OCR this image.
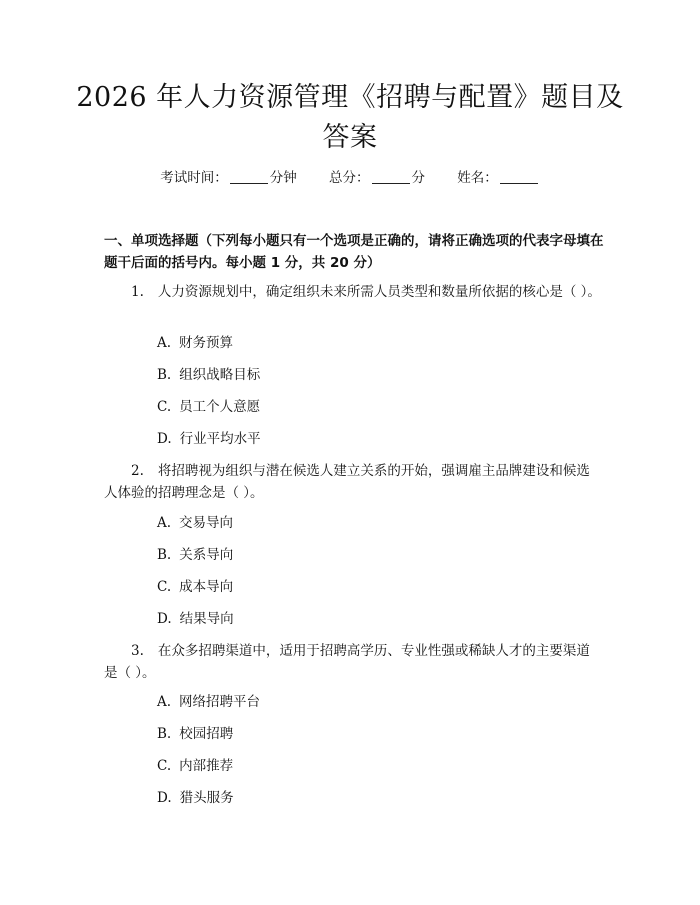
2026 年人力资源管理《招聘与配置》题目及
答案
考试时间：	分钟 总分：	分 姓名：
一、单项选择题（下列每小题只有一个选项是正确的，请将正确选项的代表字母填在题干后面的括号内。每小题 1 分，共 20 分）
1. 人力资源规划中，确定组织未来所需人员类型和数量所依据的核心是（ ）。
A. 财务预算
B. 组织战略目标
C. 员工个人意愿
D. 行业平均水平
2. 将招聘视为组织与潜在候选人建立关系的开始，强调雇主品牌建设和候选人体验的招聘理念是（ ）。
A. 交易导向
B. 关系导向
C. 成本导向
D. 结果导向
3. 在众多招聘渠道中，适用于招聘高学历、专业性强或稀缺人才的主要渠道是（ ）。
A. 网络招聘平台
B. 校园招聘
C. 内部推荐
D. 猎头服务
